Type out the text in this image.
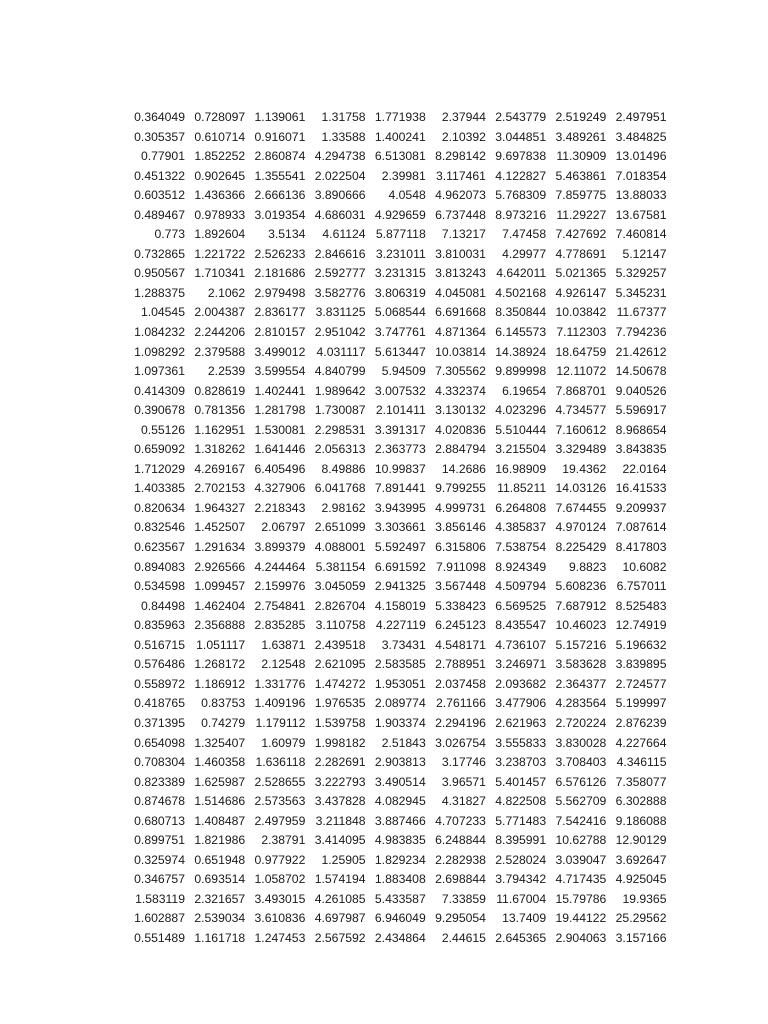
0.364049	0.728097	1.139061	1.31758	1.771938	2.37944	2.543779	2.519249	2.497951
0.305357	0.610714	0.916071	1.33588	1.400241	2.10392	3.044851	3.489261	3.484825
0.77901	1.852252	2.860874	4.294738	6.513081	8.298142	9.697838	11.30909	13.01496
0.451322	0.902645	1.355541	2.022504	2.39981	3.117461	4.122827	5.463861	7.018354
0.603512	1.436366	2.666136	3.890666	4.0548	4.962073	5.768309	7.859775	13.88033
0.489467	0.978933	3.019354	4.686031	4.929659	6.737448	8.973216	11.29227	13.67581
0.773	1.892604	3.5134	4.61124	5.877118	7.13217	7.47458	7.427692	7.460814
0.732865	1.221722	2.526233	2.846616	3.231011	3.810031	4.29977	4.778691	5.12147
0.950567	1.710341	2.181686	2.592777	3.231315	3.813243	4.642011	5.021365	5.329257
1.288375	2.1062	2.979498	3.582776	3.806319	4.045081	4.502168	4.926147	5.345231
1.04545	2.004387	2.836177	3.831125	5.068544	6.691668	8.350844	10.03842	11.67377
1.084232	2.244206	2.810157	2.951042	3.747761	4.871364	6.145573	7.112303	7.794236
1.098292	2.379588	3.499012	4.031117	5.613447	10.03814	14.38924	18.64759	21.42612
1.097361	2.2539	3.599554	4.840799	5.94509	7.305562	9.899998	12.11072	14.50678
0.414309	0.828619	1.402441	1.989642	3.007532	4.332374	6.19654	7.868701	9.040526
0.390678	0.781356	1.281798	1.730087	2.101411	3.130132	4.023296	4.734577	5.596917
0.55126	1.162951	1.530081	2.298531	3.391317	4.020836	5.510444	7.160612	8.968654
0.659092	1.318262	1.641446	2.056313	2.363773	2.884794	3.215504	3.329489	3.843835
1.712029	4.269167	6.405496	8.49886	10.99837	14.2686	16.98909	19.4362	22.0164
1.403385	2.702153	4.327906	6.041768	7.891441	9.799255	11.85211	14.03126	16.41533
0.820634	1.964327	2.218343	2.98162	3.943995	4.999731	6.264808	7.674455	9.209937
0.832546	1.452507	2.06797	2.651099	3.303661	3.856146	4.385837	4.970124	7.087614
0.623567	1.291634	3.899379	4.088001	5.592497	6.315806	7.538754	8.225429	8.417803
0.894083	2.926566	4.244464	5.381154	6.691592	7.911098	8.924349	9.8823	10.6082
0.534598	1.099457	2.159976	3.045059	2.941325	3.567448	4.509794	5.608236	6.757011
0.84498	1.462404	2.754841	2.826704	4.158019	5.338423	6.569525	7.687912	8.525483
0.835963	2.356888	2.835285	3.110758	4.227119	6.245123	8.435547	10.46023	12.74919
0.516715	1.051117	1.63871	2.439518	3.73431	4.548171	4.736107	5.157216	5.196632
0.576486	1.268172	2.12548	2.621095	2.583585	2.788951	3.246971	3.583628	3.839895
0.558972	1.186912	1.331776	1.474272	1.953051	2.037458	2.093682	2.364377	2.724577
0.418765	0.83753	1.409196	1.976535	2.089774	2.761166	3.477906	4.283564	5.199997
0.371395	0.74279	1.179112	1.539758	1.903374	2.294196	2.621963	2.720224	2.876239
0.654098	1.325407	1.60979	1.998182	2.51843	3.026754	3.555833	3.830028	4.227664
0.708304	1.460358	1.636118	2.282691	2.903813	3.17746	3.238703	3.708403	4.346115
0.823389	1.625987	2.528655	3.222793	3.490514	3.96571	5.401457	6.576126	7.358077
0.874678	1.514686	2.573563	3.437828	4.082945	4.31827	4.822508	5.562709	6.302888
0.680713	1.408487	2.497959	3.211848	3.887466	4.707233	5.771483	7.542416	9.186088
0.899751	1.821986	2.38791	3.414095	4.983835	6.248844	8.395991	10.62788	12.90129
0.325974	0.651948	0.977922	1.25905	1.829234	2.282938	2.528024	3.039047	3.692647
0.346757	0.693514	1.058702	1.574194	1.883408	2.698844	3.794342	4.717435	4.925045
1.583119	2.321657	3.493015	4.261085	5.433587	7.33859	11.67004	15.79786	19.9365
1.602887	2.539034	3.610836	4.697987	6.946049	9.295054	13.7409	19.44122	25.29562
0.551489	1.161718	1.247453	2.567592	2.434864	2.44615	2.645365	2.904063	3.157166
